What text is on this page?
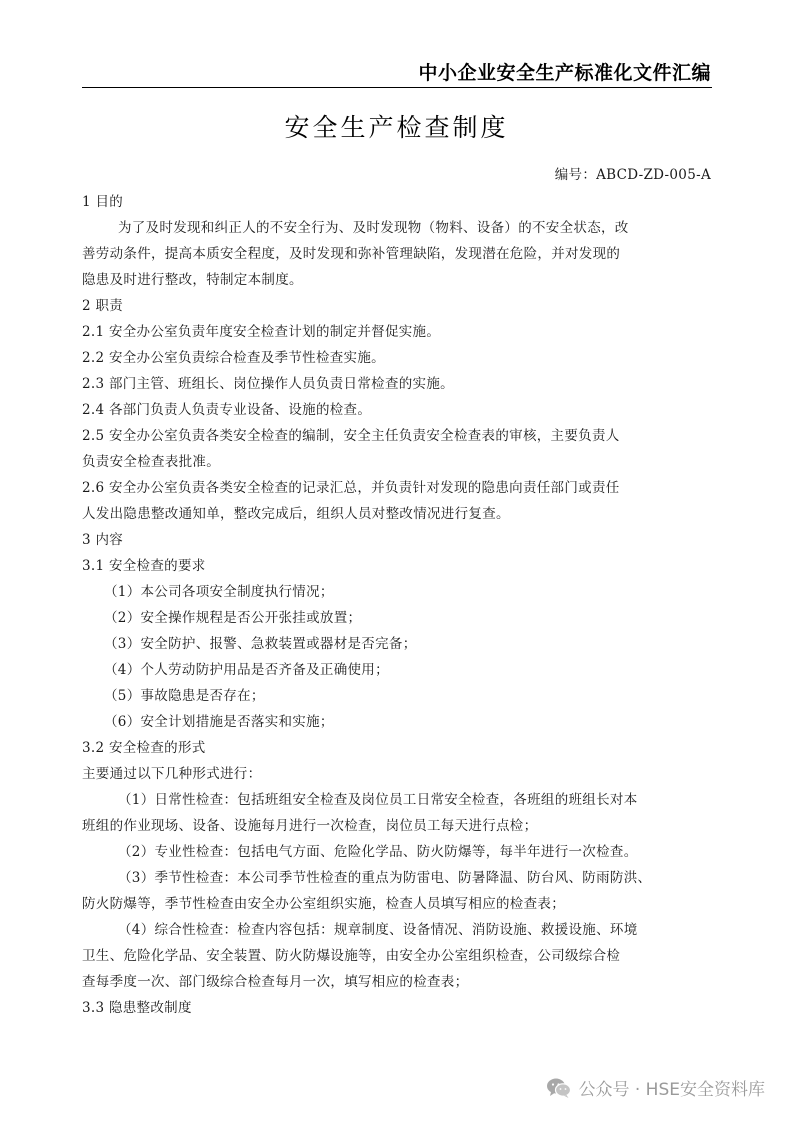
中小企业安全生产标准化文件汇编
安全生产检查制度
编号：ABCD-ZD-005-A

1 目的

为了及时发现和纠正人的不安全行为、及时发现物（物料、设备）的不安全状态，改

善劳动条件，提高本质安全程度，及时发现和弥补管理缺陷，发现潜在危险，并对发现的

隐患及时进行整改，特制定本制度。

2 职责

2.1 安全办公室负责年度安全检查计划的制定并督促实施。

2.2 安全办公室负责综合检查及季节性检查实施。

2.3 部门主管、班组长、岗位操作人员负责日常检查的实施。

2.4 各部门负责人负责专业设备、设施的检查。

2.5 安全办公室负责各类安全检查的编制，安全主任负责安全检查表的审核，主要负责人

负责安全检查表批准。

2.6 安全办公室负责各类安全检查的记录汇总，并负责针对发现的隐患向责任部门或责任

人发出隐患整改通知单，整改完成后，组织人员对整改情况进行复查。

3 内容

3.1 安全检查的要求

（1）本公司各项安全制度执行情况；

（2）安全操作规程是否公开张挂或放置；

（3）安全防护、报警、急救装置或器材是否完备；

（4）个人劳动防护用品是否齐备及正确使用；

（5）事故隐患是否存在；

（6）安全计划措施是否落实和实施；

3.2 安全检查的形式

主要通过以下几种形式进行：

（1）日常性检查：包括班组安全检查及岗位员工日常安全检查，各班组的班组长对本

班组的作业现场、设备、设施每月进行一次检查，岗位员工每天进行点检；

（2）专业性检查：包括电气方面、危险化学品、防火防爆等，每半年进行一次检查。

（3）季节性检查：本公司季节性检查的重点为防雷电、防暑降温、防台风、防雨防洪、

防火防爆等，季节性检查由安全办公室组织实施，检查人员填写相应的检查表；

（4）综合性检查：检查内容包括：规章制度、设备情况、消防设施、救援设施、环境

卫生、危险化学品、安全装置、防火防爆设施等，由安全办公室组织检查，公司级综合检

查每季度一次、部门级综合检查每月一次，填写相应的检查表；

3.3 隐患整改制度

公众号 · HSE安全资料库
